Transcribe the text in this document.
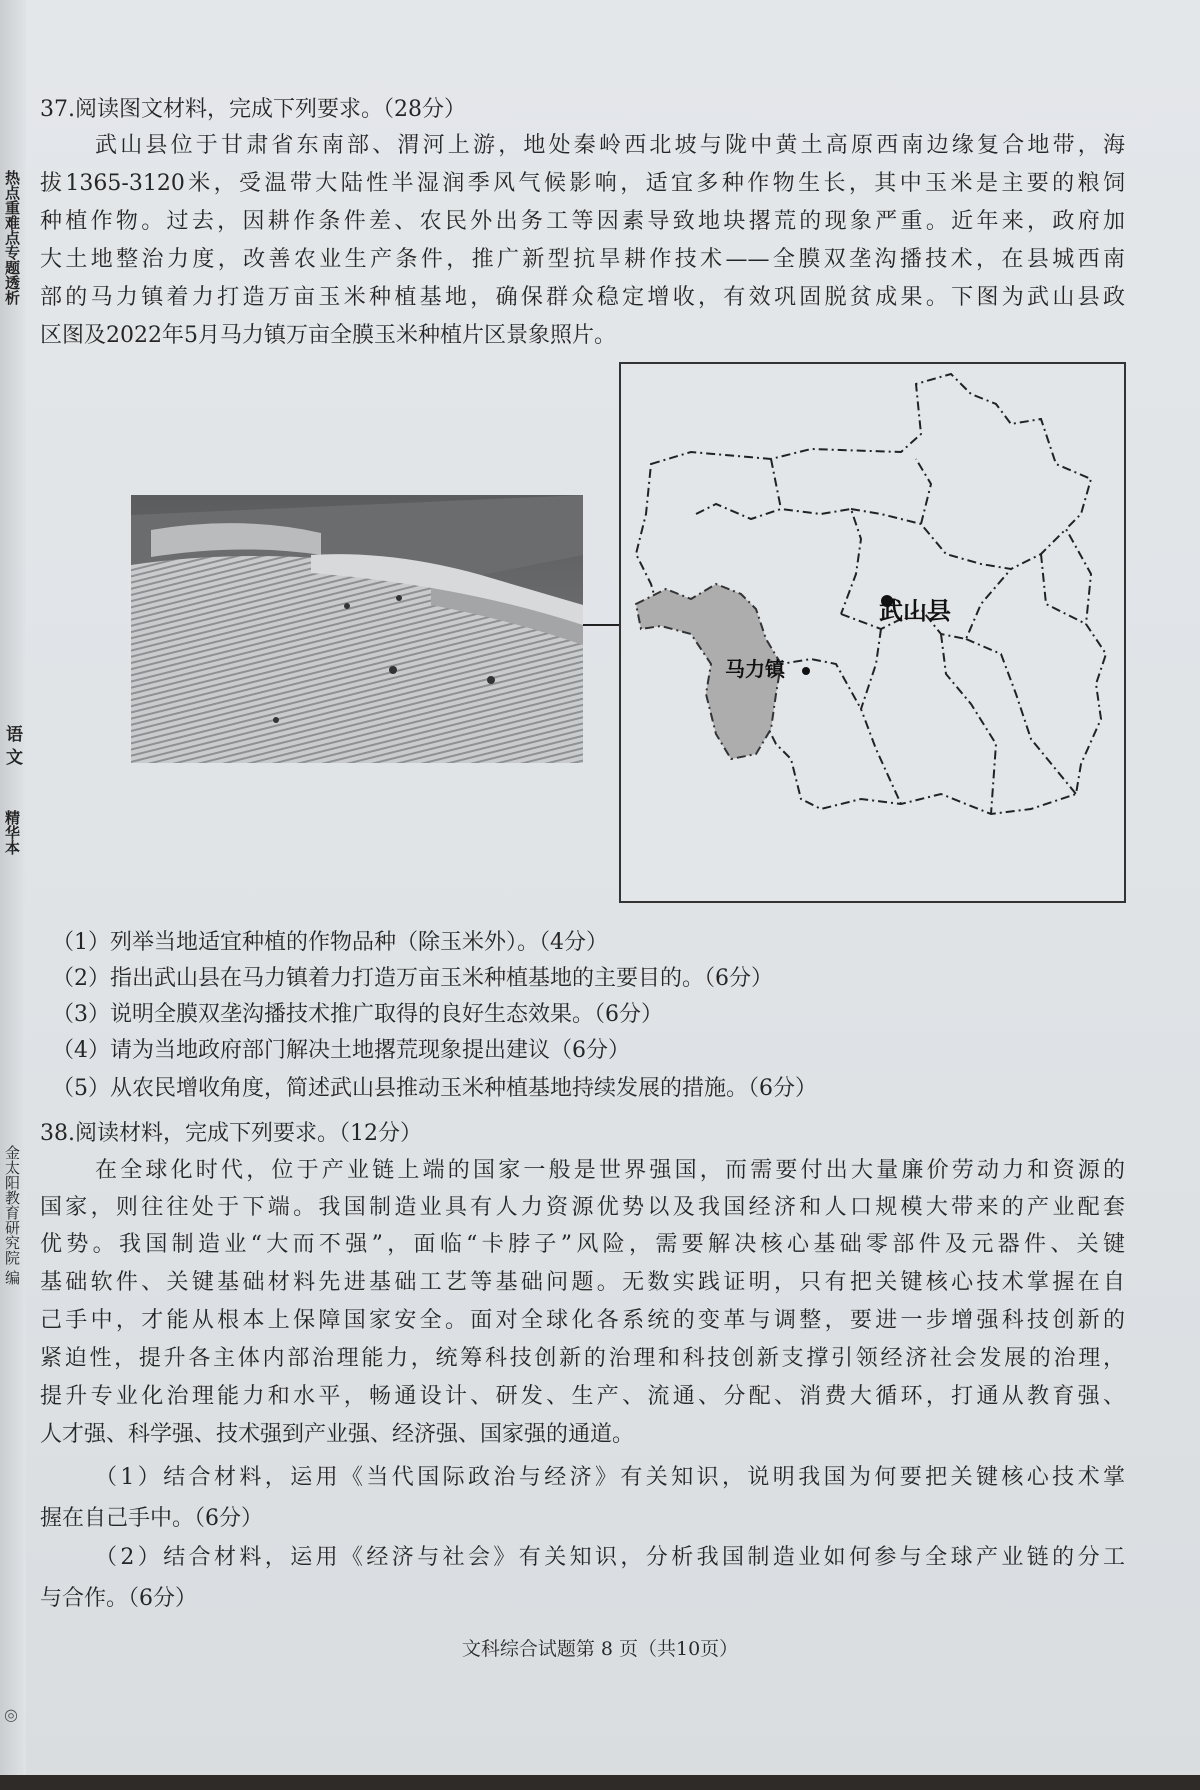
热点重难点专题透析
语 文
精华本
金太阳教育研究院 编
37.阅读图文材料，完成下列要求。（28分）
武山县位于甘肃省东南部、渭河上游，地处秦岭西北坡与陇中黄土高原西南边缘复合地带，海
拔1365-3120米，受温带大陆性半湿润季风气候影响，适宜多种作物生长，其中玉米是主要的粮饲
种植作物。过去，因耕作条件差、农民外出务工等因素导致地块撂荒的现象严重。近年来，政府加
大土地整治力度，改善农业生产条件，推广新型抗旱耕作技术——全膜双垄沟播技术，在县城西南
部的马力镇着力打造万亩玉米种植基地，确保群众稳定增收，有效巩固脱贫成果。下图为武山县政
区图及2022年5月马力镇万亩全膜玉米种植片区景象照片。
武山县
马力镇
（1）列举当地适宜种植的作物品种（除玉米外）。（4分）
（2）指出武山县在马力镇着力打造万亩玉米种植基地的主要目的。（6分）
（3）说明全膜双垄沟播技术推广取得的良好生态效果。（6分）
（4）请为当地政府部门解决土地撂荒现象提出建议（6分）
（5）从农民增收角度，简述武山县推动玉米种植基地持续发展的措施。（6分）
38.阅读材料，完成下列要求。（12分）
在全球化时代，位于产业链上端的国家一般是世界强国，而需要付出大量廉价劳动力和资源的
国家，则往往处于下端。我国制造业具有人力资源优势以及我国经济和人口规模大带来的产业配套
优势。我国制造业“大而不强”，面临“卡脖子”风险，需要解决核心基础零部件及元器件、关键
基础软件、关键基础材料先进基础工艺等基础问题。无数实践证明，只有把关键核心技术掌握在自
己手中，才能从根本上保障国家安全。面对全球化各系统的变革与调整，要进一步增强科技创新的
紧迫性，提升各主体内部治理能力，统筹科技创新的治理和科技创新支撑引领经济社会发展的治理，
提升专业化治理能力和水平，畅通设计、研发、生产、流通、分配、消费大循环，打通从教育强、
人才强、科学强、技术强到产业强、经济强、国家强的通道。
（1）结合材料，运用《当代国际政治与经济》有关知识，说明我国为何要把关键核心技术掌
握在自己手中。（6分）
（2）结合材料，运用《经济与社会》有关知识，分析我国制造业如何参与全球产业链的分工
与合作。（6分）
文科综合试题第 8 页（共10页）
◎
